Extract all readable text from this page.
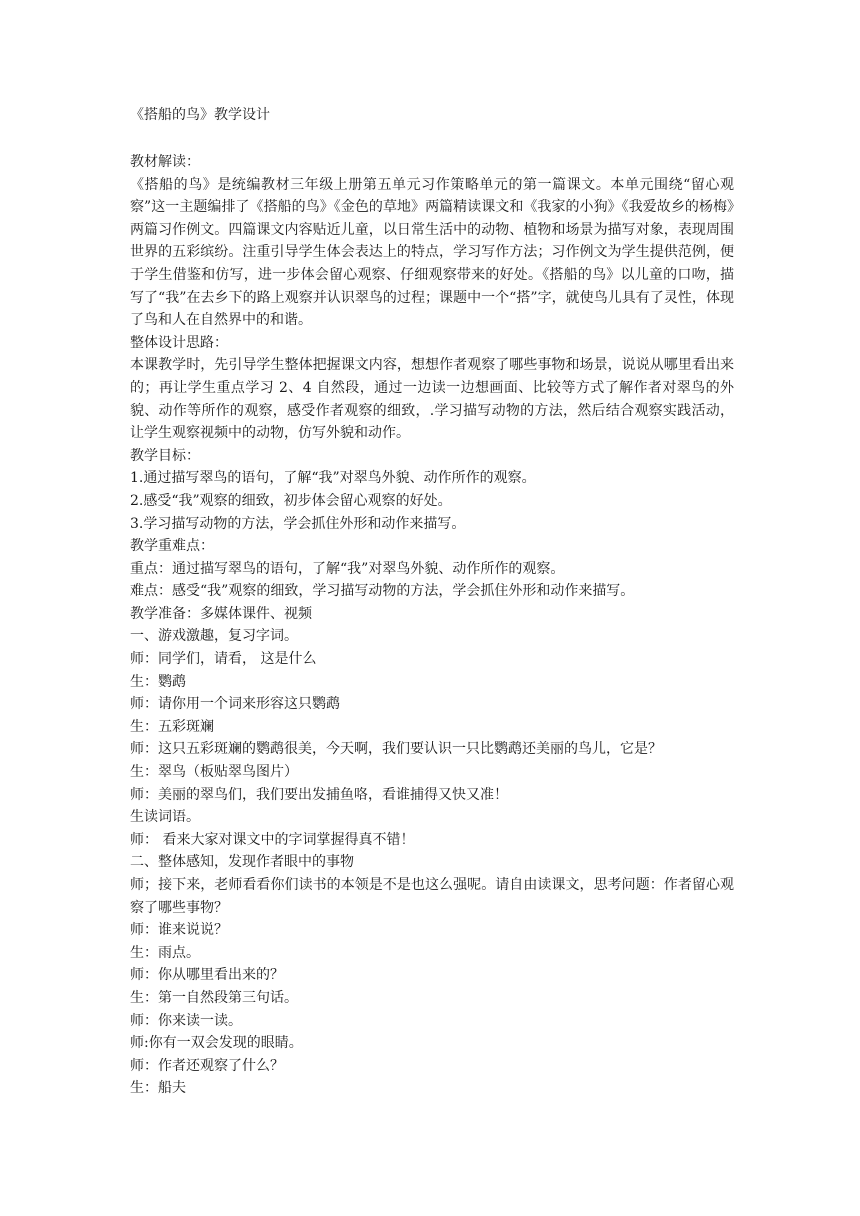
《搭船的鸟》教学设计

教材解读：

《搭船的鸟》是统编教材三年级上册第五单元习作策略单元的第一篇课文。本单元围绕“留心观察”这一主题编排了《搭船的鸟》《金色的草地》两篇精读课文和《我家的小狗》《我爱故乡的杨梅》两篇习作例文。四篇课文内容贴近儿童，以日常生活中的动物、植物和场景为描写对象，表现周围世界的五彩缤纷。注重引导学生体会表达上的特点，学习写作方法；习作例文为学生提供范例，便于学生借鉴和仿写，进一步体会留心观察、仔细观察带来的好处。《搭船的鸟》以儿童的口吻，描写了“我”在去乡下的路上观察并认识翠鸟的过程；课题中一个“搭”字，就使鸟儿具有了灵性，体现了鸟和人在自然界中的和谐。

整体设计思路：

本课教学时，先引导学生整体把握课文内容，想想作者观察了哪些事物和场景，说说从哪里看出来的；再让学生重点学习 2、4 自然段，通过一边读一边想画面、比较等方式了解作者对翠鸟的外貌、动作等所作的观察，感受作者观察的细致，.学习描写动物的方法，然后结合观察实践活动，让学生观察视频中的动物，仿写外貌和动作。

教学目标：

1.通过描写翠鸟的语句，了解“我”对翠鸟外貌、动作所作的观察。

2.感受“我”观察的细致，初步体会留心观察的好处。

3.学习描写动物的方法，学会抓住外形和动作来描写。

教学重难点：

重点：通过描写翠鸟的语句，了解“我”对翠鸟外貌、动作所作的观察。

难点：感受“我”观察的细致，学习描写动物的方法，学会抓住外形和动作来描写。

教学准备：多媒体课件、视频

一、游戏激趣，复习字词。

师：同学们，请看， 这是什么

生：鹦鹉

师：请你用一个词来形容这只鹦鹉

生：五彩斑斓

师：这只五彩斑斓的鹦鹉很美，今天啊，我们要认识一只比鹦鹉还美丽的鸟儿，它是？

生：翠鸟（板贴翠鸟图片）

师：美丽的翠鸟们，我们要出发捕鱼咯，看谁捕得又快又准！

生读词语。

师： 看来大家对课文中的字词掌握得真不错！

二、整体感知，发现作者眼中的事物

师；接下来，老师看看你们读书的本领是不是也这么强呢。请自由读课文，思考问题：作者留心观察了哪些事物？

师：谁来说说？

生：雨点。

师：你从哪里看出来的？

生：第一自然段第三句话。

师：你来读一读。

师:你有一双会发现的眼睛。

师：作者还观察了什么？

生：船夫
